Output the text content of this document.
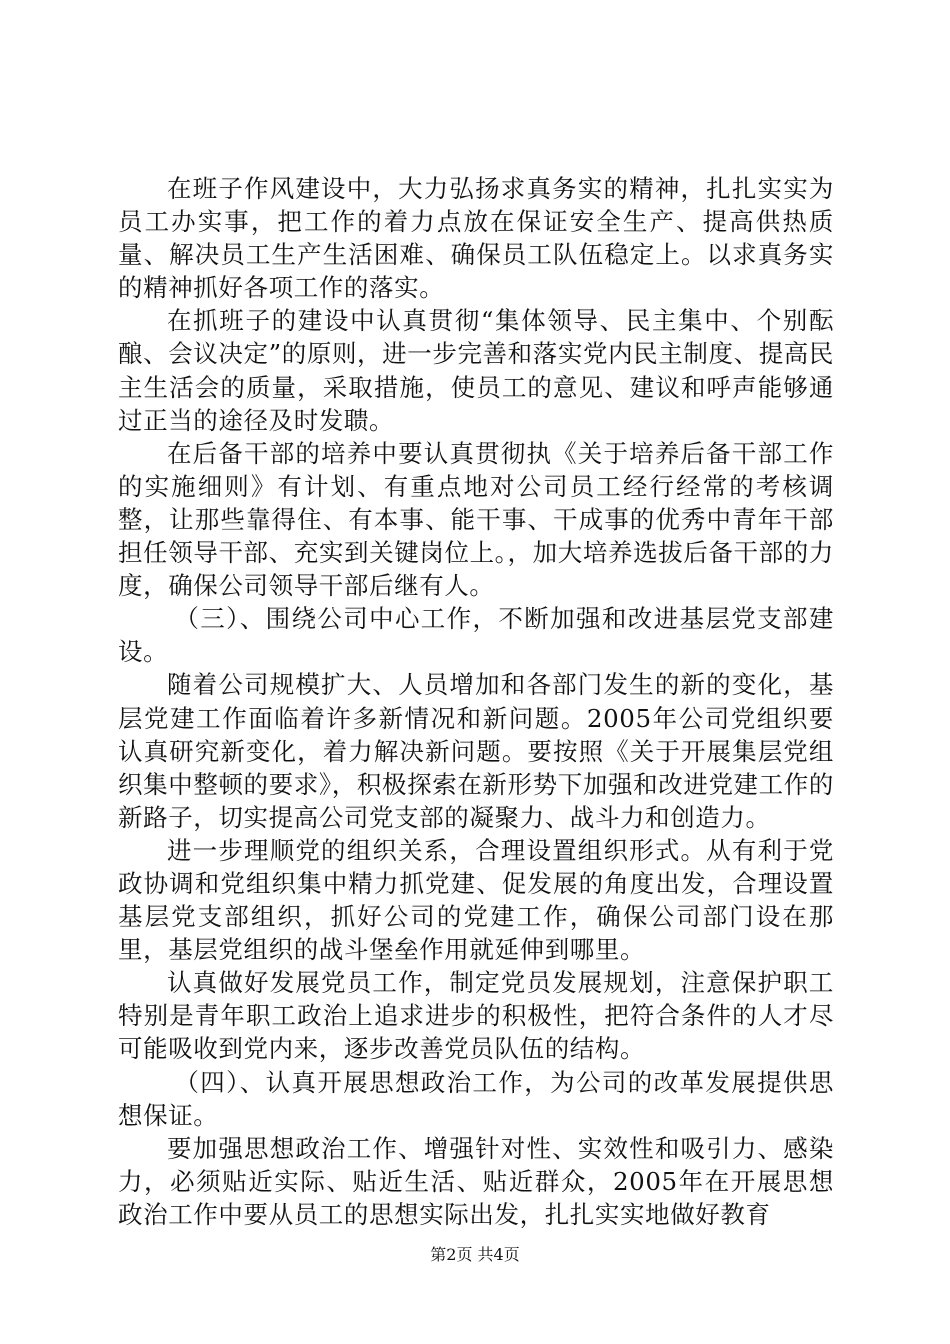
在班子作风建设中，大力弘扬求真务实的精神，扎扎实实为员工办实事，把工作的着力点放在保证安全生产、提高供热质量、解决员工生产生活困难、确保员工队伍稳定上。以求真务实的精神抓好各项工作的落实。

在抓班子的建设中认真贯彻“集体领导、民主集中、个别酝酿、会议决定”的原则，进一步完善和落实党内民主制度、提高民主生活会的质量，采取措施，使员工的意见、建议和呼声能够通过正当的途径及时发聩。

在后备干部的培养中要认真贯彻执《关于培养后备干部工作的实施细则》有计划、有重点地对公司员工经行经常的考核调整，让那些靠得住、有本事、能干事、干成事的优秀中青年干部担任领导干部、充实到关键岗位上。，加大培养选拔后备干部的力度，确保公司领导干部后继有人。

（三）、围绕公司中心工作，不断加强和改进基层党支部建设。

随着公司规模扩大、人员增加和各部门发生的新的变化，基层党建工作面临着许多新情况和新问题。2005年公司党组织要认真研究新变化，着力解决新问题。要按照《关于开展集层党组织集中整顿的要求》，积极探索在新形势下加强和改进党建工作的新路子，切实提高公司党支部的凝聚力、战斗力和创造力。

进一步理顺党的组织关系，合理设置组织形式。从有利于党政协调和党组织集中精力抓党建、促发展的角度出发，合理设置基层党支部组织，抓好公司的党建工作，确保公司部门设在那里，基层党组织的战斗堡垒作用就延伸到哪里。

认真做好发展党员工作，制定党员发展规划，注意保护职工特别是青年职工政治上追求进步的积极性，把符合条件的人才尽可能吸收到党内来，逐步改善党员队伍的结构。

（四）、认真开展思想政治工作，为公司的改革发展提供思想保证。

要加强思想政治工作、增强针对性、实效性和吸引力、感染力，必须贴近实际、贴近生活、贴近群众，2005年在开展思想政治工作中要从员工的思想实际出发，扎扎实实地做好教育

第2页 共4页
